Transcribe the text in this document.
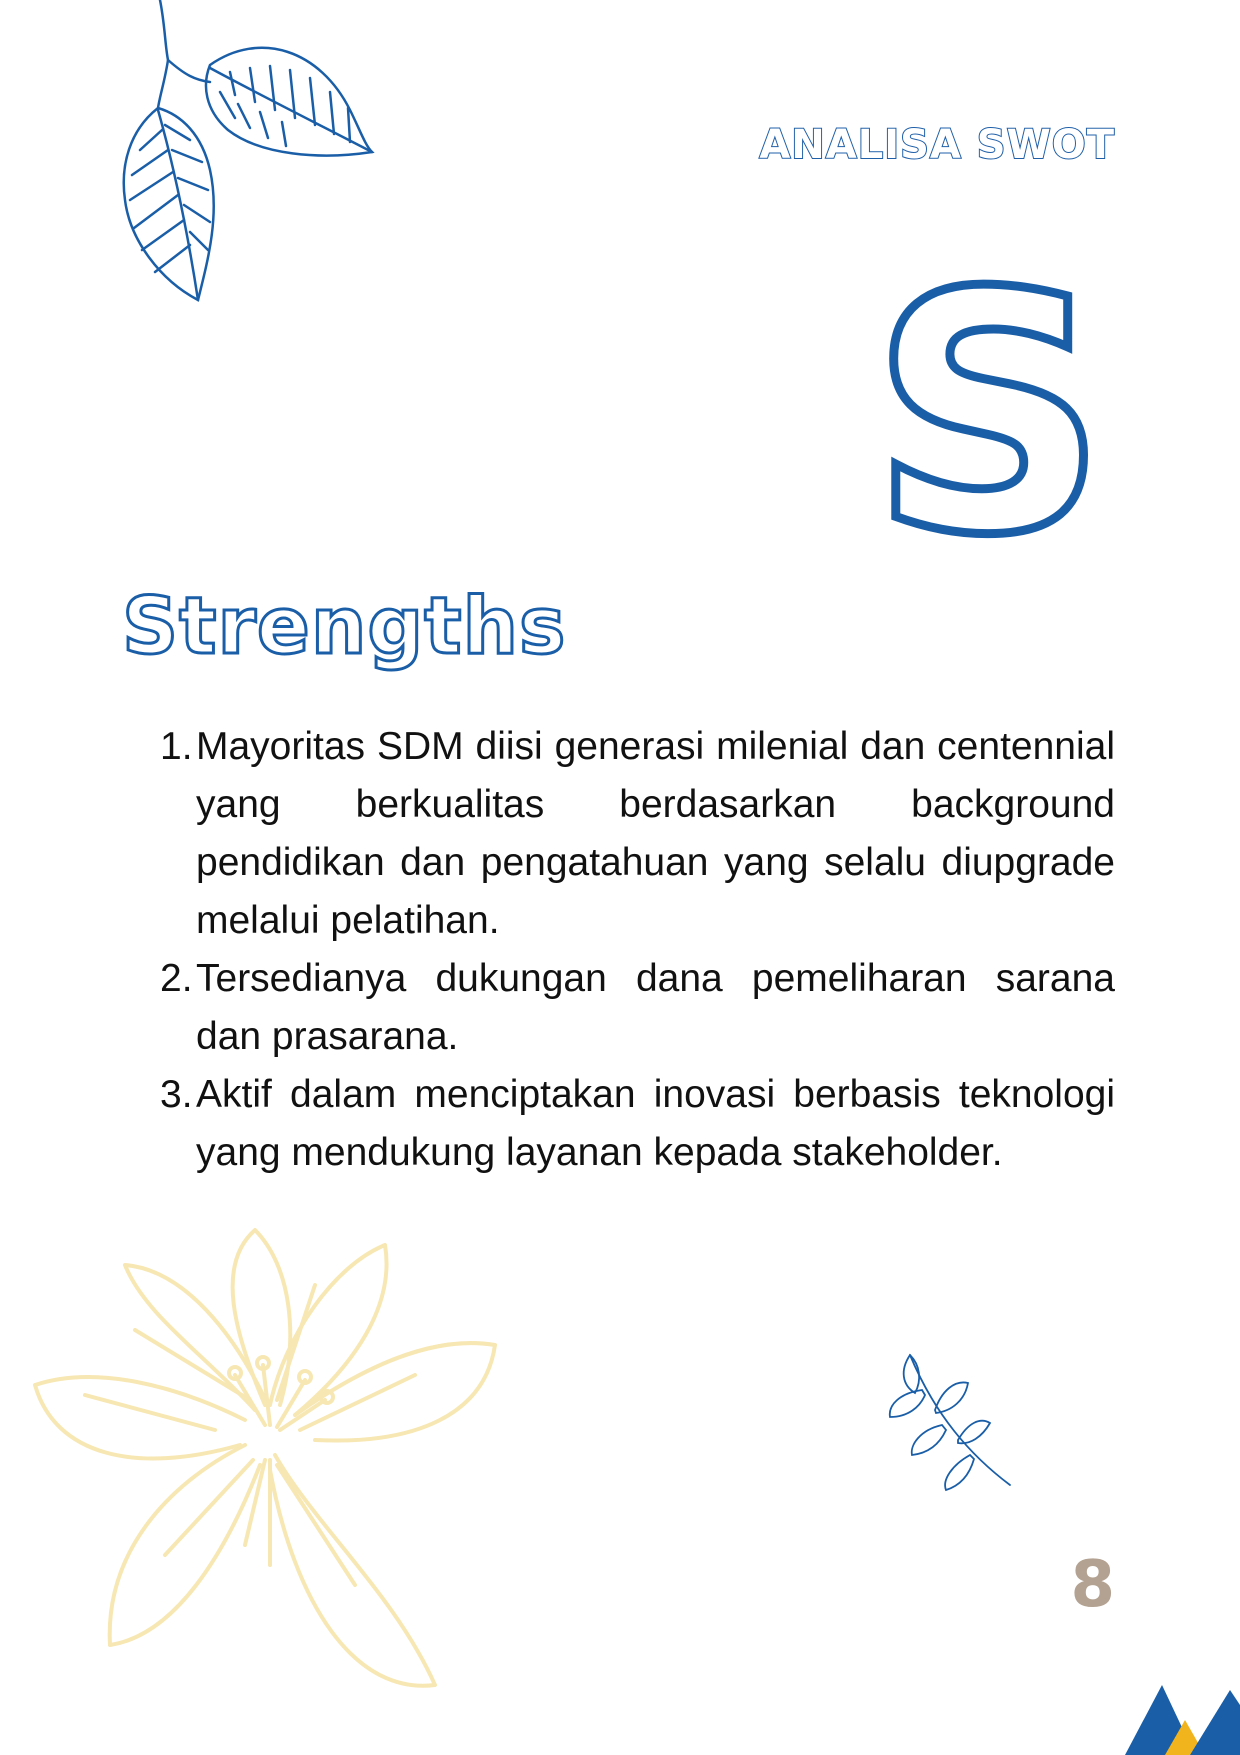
ANALISA SWOT
S
Strengths
1. Mayoritas SDM diisi generasi milenial dan centennial yang berkualitas berdasarkan background pendidikan dan pengatahuan yang selalu diupgrade melalui pelatihan.
2. Tersedianya dukungan dana pemeliharan sarana dan prasarana.
3. Aktif dalam menciptakan inovasi berbasis teknologi yang mendukung layanan kepada stakeholder.
8
